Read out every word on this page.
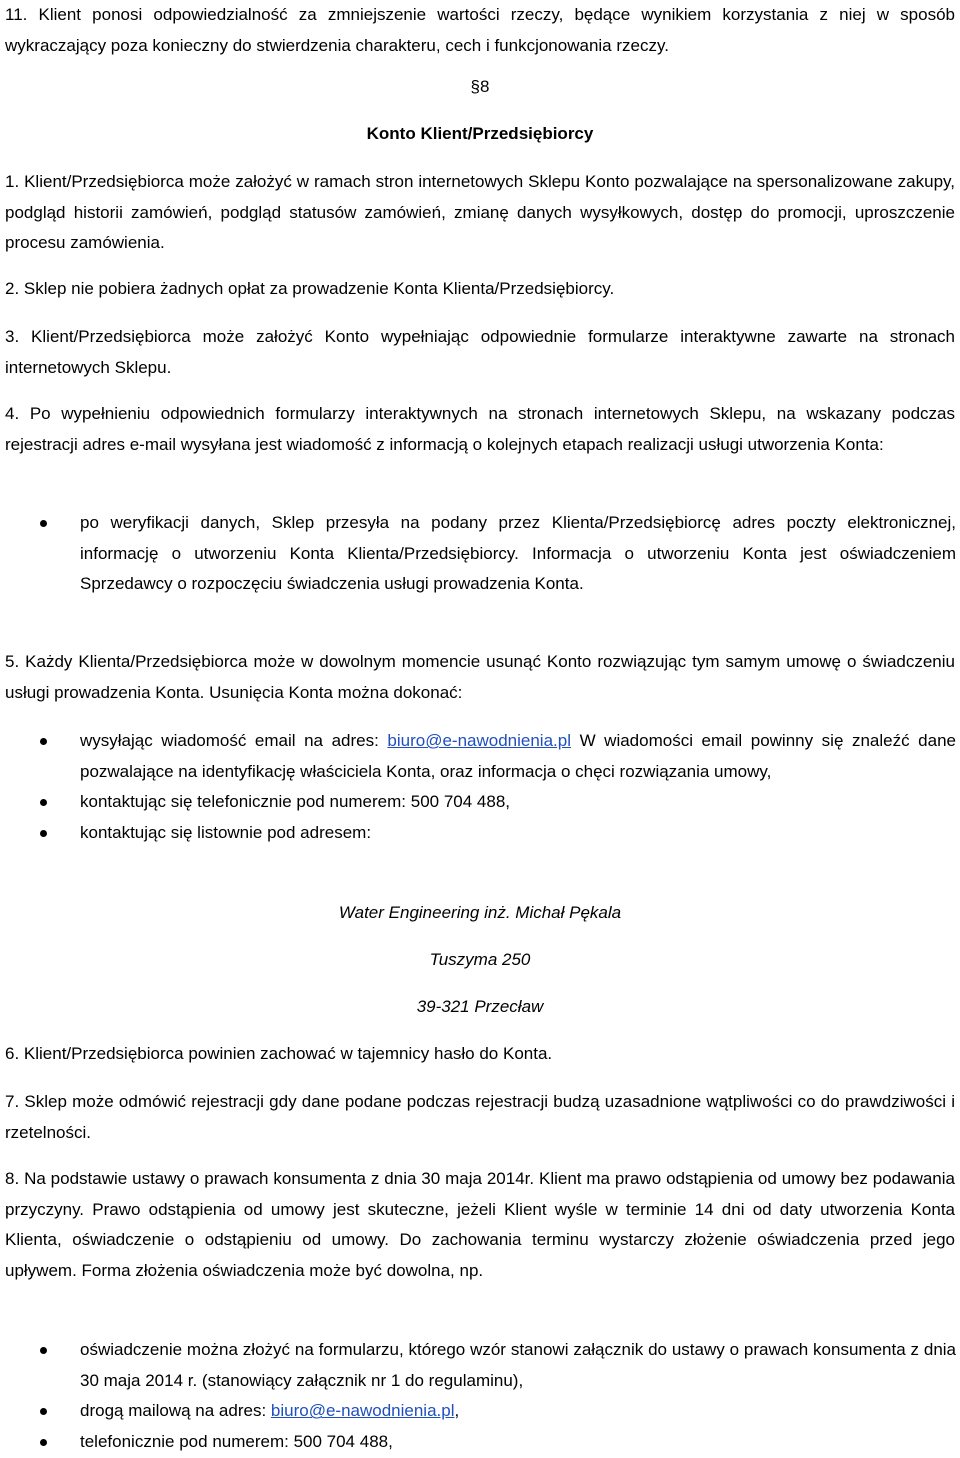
11. Klient ponosi odpowiedzialność za zmniejszenie wartości rzeczy, będące wynikiem korzystania z niej w sposób wykraczający poza konieczny do stwierdzenia charakteru, cech i funkcjonowania rzeczy.

§8

Konto Klient/Przedsiębiorcy

1. Klient/Przedsiębiorca może założyć w ramach stron internetowych Sklepu Konto pozwalające na spersonalizowane zakupy, podgląd historii zamówień, podgląd statusów zamówień, zmianę danych wysyłkowych, dostęp do promocji, uproszczenie procesu zamówienia.

2. Sklep nie pobiera żadnych opłat za prowadzenie Konta Klienta/Przedsiębiorcy.

3. Klient/Przedsiębiorca może założyć Konto wypełniając odpowiednie formularze interaktywne zawarte na stronach internetowych Sklepu.

4. Po wypełnieniu odpowiednich formularzy interaktywnych na stronach internetowych Sklepu, na wskazany podczas rejestracji adres e-mail wysyłana jest wiadomość z informacją o kolejnych etapach realizacji usługi utworzenia Konta:

po weryfikacji danych, Sklep przesyła na podany przez Klienta/Przedsiębiorcę adres poczty elektronicznej, informację o utworzeniu Konta Klienta/Przedsiębiorcy. Informacja o utworzeniu Konta jest oświadczeniem Sprzedawcy o rozpoczęciu świadczenia usługi prowadzenia Konta.

5. Każdy Klienta/Przedsiębiorca może w dowolnym momencie usunąć Konto rozwiązując tym samym umowę o świadczeniu usługi prowadzenia Konta. Usunięcia Konta można dokonać:

wysyłając wiadomość email na adres: biuro@e-nawodnienia.pl W wiadomości email powinny się znaleźć dane pozwalające na identyfikację właściciela Konta, oraz informacja o chęci rozwiązania umowy,
kontaktując się telefonicznie pod numerem: 500 704 488,
kontaktując się listownie pod adresem:

Water Engineering inż. Michał Pękala

Tuszyma 250

39-321 Przecław

6. Klient/Przedsiębiorca powinien zachować w tajemnicy hasło do Konta.

7. Sklep może odmówić rejestracji gdy dane podane podczas rejestracji budzą uzasadnione wątpliwości co do prawdziwości i rzetelności.

8. Na podstawie ustawy o prawach konsumenta z dnia 30 maja 2014r. Klient ma prawo odstąpienia od umowy bez podawania przyczyny. Prawo odstąpienia od umowy jest skuteczne, jeżeli Klient wyśle w terminie 14 dni od daty utworzenia Konta Klienta, oświadczenie o odstąpieniu od umowy. Do zachowania terminu wystarczy złożenie oświadczenia przed jego upływem. Forma złożenia oświadczenia może być dowolna, np.

oświadczenie można złożyć na formularzu, którego wzór stanowi załącznik do ustawy o prawach konsumenta z dnia 30 maja 2014 r. (stanowiący załącznik nr 1 do regulaminu),
drogą mailową na adres: biuro@e-nawodnienia.pl,
telefonicznie pod numerem: 500 704 488,
